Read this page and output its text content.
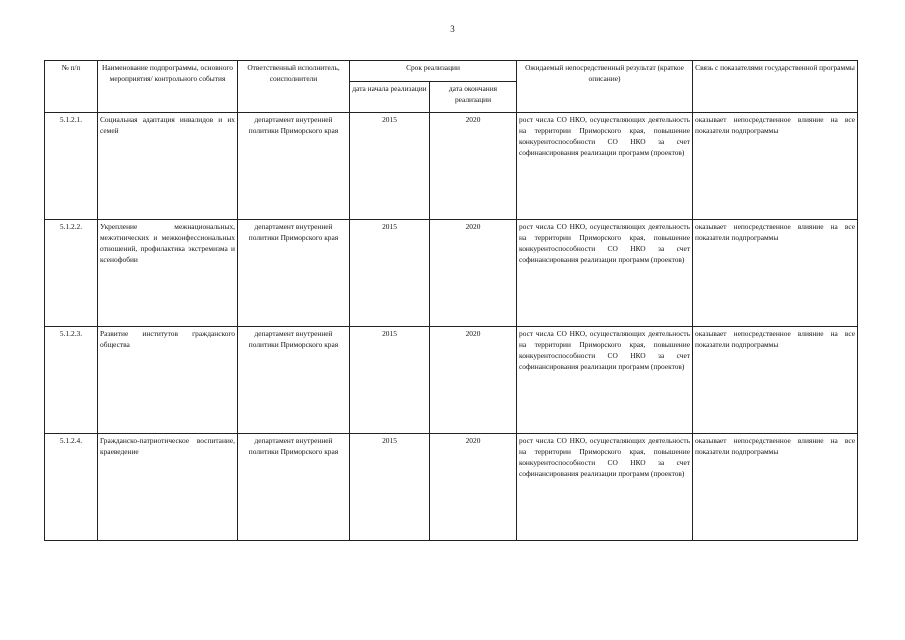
3
№ п/п	Наименование подпрограммы, основного мероприятия/ контрольного события	Ответственный исполнитель, соисполнители	Срок реализации		Ожидаемый непосредственный результат (краткое описание)	Связь с показателями государственной программы
			дата начала реализации	дата окончания реализации		
5.1.2.1.	Социальная адаптация инвалидов и их семей	департамент внутренней политики Приморского края	2015	2020	рост числа СО НКО, осуществляющих деятельность на территории Приморского края, повышение конкурентоспособности СО НКО за счет софинансирования реализации программ (проектов)	оказывает непосредственное влияние на все показатели подпрограммы
5.1.2.2.	Укрепление межнациональных, межэтнических и межконфессиональных отношений, профилактика экстремизма и ксенофобии	департамент внутренней политики Приморского края	2015	2020	рост числа СО НКО, осуществляющих деятельность на территории Приморского края, повышение конкурентоспособности СО НКО за счет софинансирования реализации программ (проектов)	оказывает непосредственное влияние на все показатели подпрограммы
5.1.2.3.	Развитие институтов гражданского общества	департамент внутренней политики Приморского края	2015	2020	рост числа СО НКО, осуществляющих деятельность на территории Приморского края, повышение конкурентоспособности СО НКО за счет софинансирования реализации программ (проектов)	оказывает непосредственное влияние на все показатели подпрограммы
5.1.2.4.	Гражданско-патриотическое воспитание, краеведение	департамент внутренней политики Приморского края	2015	2020	рост числа СО НКО, осуществляющих деятельность на территории Приморского края, повышение конкурентоспособности СО НКО за счет софинансирования реализации программ (проектов)	оказывает непосредственное влияние на все показатели подпрограммы
